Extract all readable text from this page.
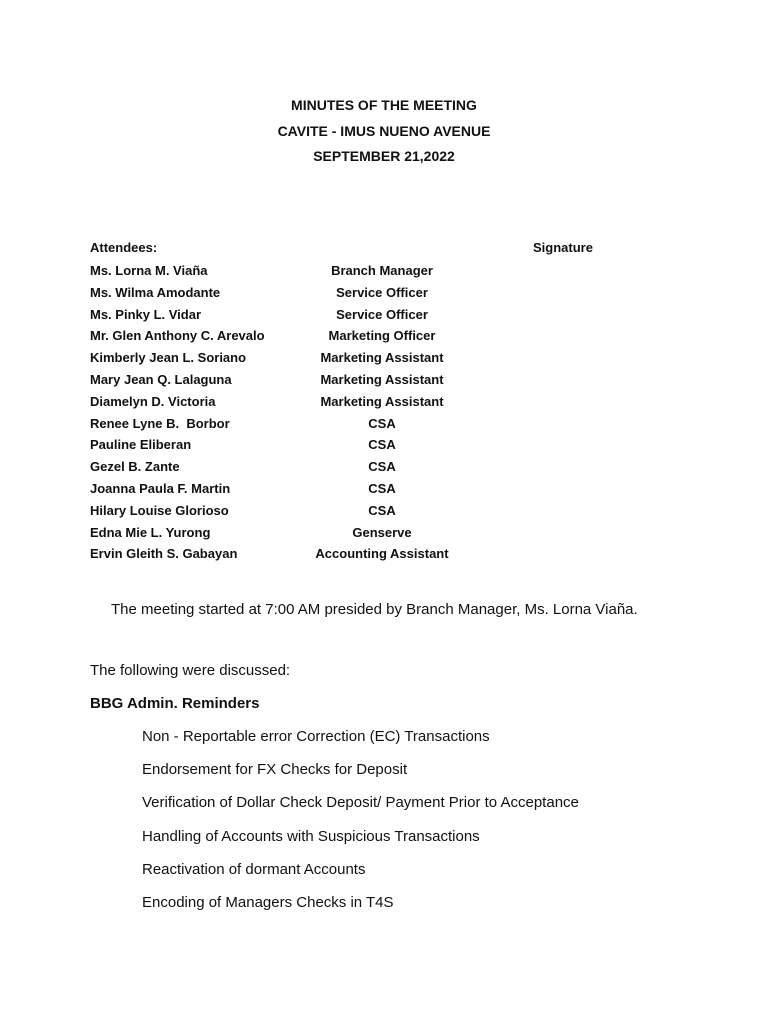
MINUTES OF THE MEETING
CAVITE - IMUS NUENO AVENUE
SEPTEMBER 21,2022
Attendees:	Signature
Ms. Lorna M. Viaña	Branch Manager
Ms. Wilma Amodante	Service Officer
Ms. Pinky L. Vidar	Service Officer
Mr. Glen Anthony C. Arevalo	Marketing Officer
Kimberly Jean L. Soriano	Marketing Assistant
Mary Jean Q. Lalaguna	Marketing Assistant
Diamelyn D. Victoria	Marketing Assistant
Renee Lyne B.  Borbor	CSA
Pauline Eliberan	CSA
Gezel B. Zante	CSA
Joanna Paula F. Martin	CSA
Hilary Louise Glorioso	CSA
Edna Mie L. Yurong	Genserve
Ervin Gleith S. Gabayan	Accounting Assistant
The meeting started at 7:00 AM presided by Branch Manager, Ms. Lorna Viaña.
The following were discussed:
BBG Admin. Reminders
Non - Reportable error Correction (EC) Transactions
Endorsement for FX Checks for Deposit
Verification of Dollar Check Deposit/ Payment Prior to Acceptance
Handling of Accounts with Suspicious Transactions
Reactivation of dormant Accounts
Encoding of Managers Checks in T4S
